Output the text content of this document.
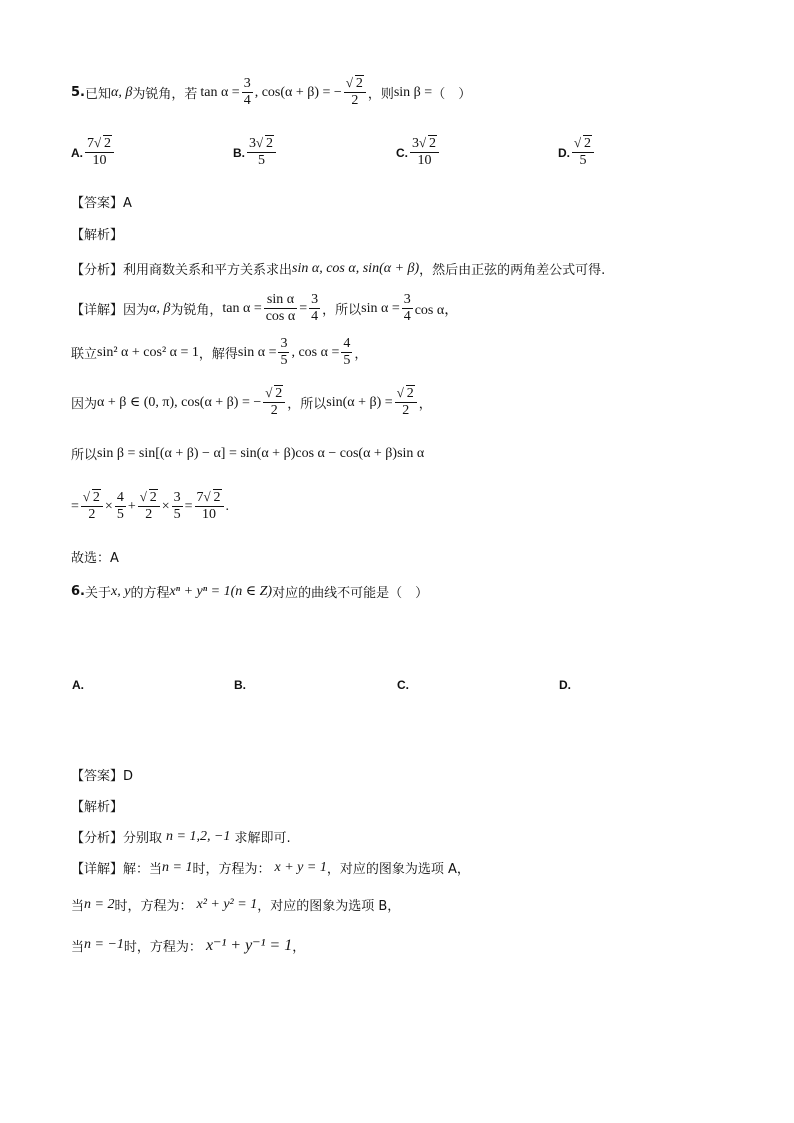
5. 已知 α, β 为锐角，若 $\tan \alpha = \frac{3}{4}$ , cos(α + β) = − √ $\frac{2}{2}$ ，则 sin β = （　）
A. $\frac{7 √ 2}{10}$	B. $\frac{3 √ 2}{5}$	C. $\frac{3 √ 2}{10}$	D. √ $\frac{2}{5}$
【答案】A
【解析】
【分析】 利用商数关系和平方关系求出 sin α, cos α, sin(α + β) ，然后由正弦的两角差公式可得.
【详解】 因为 α, β 为锐角， $\tan \alpha = \frac{\text{sin α}}{\text{cos α}} = \frac{3}{4}$ ，所以 $\sin \alpha = \frac{3}{4}$ cos α，
联立 sin² α + cos² α = 1 ，解得 $\sin \alpha = \frac{3}{5}$ , $\cos \alpha = \frac{4}{5}$ ，
因为 α + β ∈ (0, π), cos(α + β) = − √ $\frac{2}{2}$ ，所以 sin(α + β) = √ $\frac{2}{2}$ ，
所以 sin β = sin[(α + β) − α] = sin(α + β)cos α − cos(α + β)sin α
= √ $\frac{2}{2} \times \frac{4}{5}$ + √ $\frac{2}{2} \times \frac{3}{5} = \frac{7 √ 2}{10}$ .
故选：A
6. 关于 x, y 的方程 xⁿ + yⁿ = 1(n ∈ Z) 对应的曲线不可能是（　）
A.	B.	C.	D.
【答案】D
【解析】
【分析】 分别取 n = 1,2, −1 求解即可.
【详解】 解：当 n = 1 时，方程为： x + y = 1 ，对应的图象为选项 A，
当 n = 2 时，方程为： x² + y² = 1 ，对应的图象为选项 B，
当 n = −1 时，方程为： x⁻¹ + y⁻¹ = 1 ，
